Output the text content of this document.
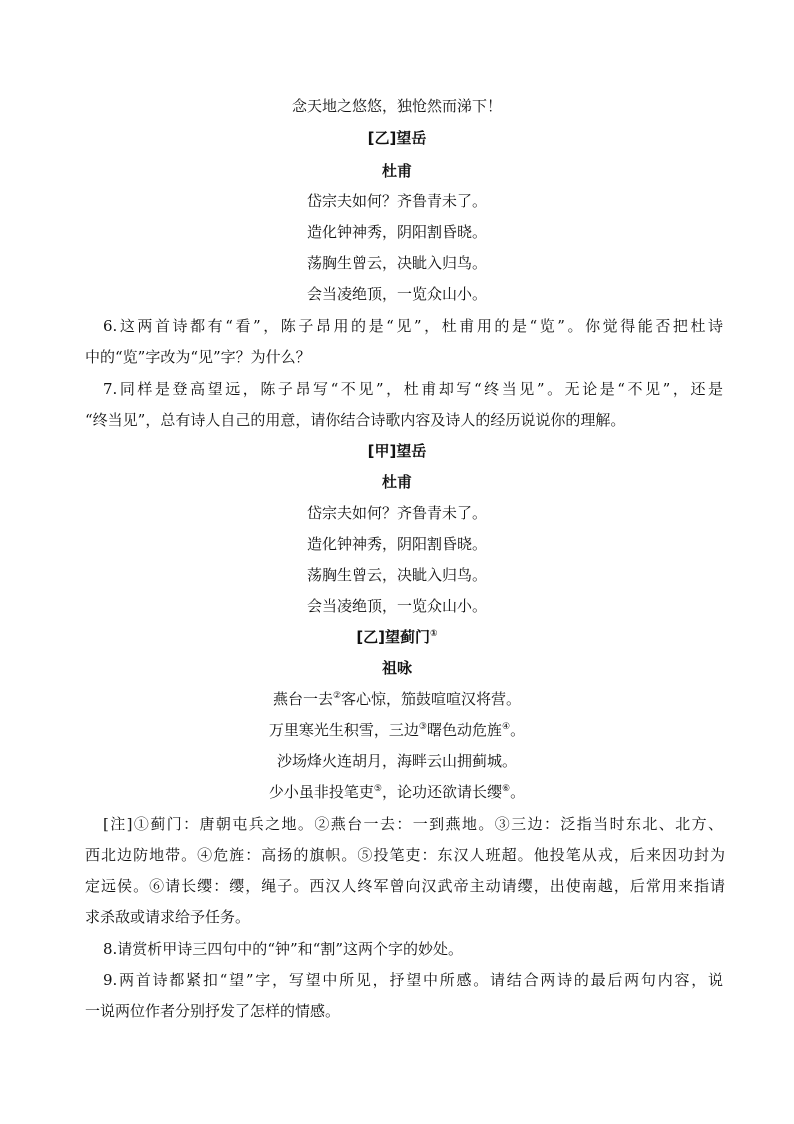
念天地之悠悠，独怆然而涕下！
[乙]望岳
杜甫
岱宗夫如何？齐鲁青未了。
造化钟神秀，阴阳割昏晓。
荡胸生曾云，决眦入归鸟。
会当凌绝顶，一览众山小。
6.这两首诗都有“看”，陈子昂用的是“见”，杜甫用的是“览”。你觉得能否把杜诗
中的“览”字改为“见”字？为什么？
7.同样是登高望远，陈子昂写“不见”，杜甫却写“终当见”。无论是“不见”，还是
“终当见”，总有诗人自己的用意，请你结合诗歌内容及诗人的经历说说你的理解。
[甲]望岳
杜甫
岱宗夫如何？齐鲁青未了。
造化钟神秀，阴阳割昏晓。
荡胸生曾云，决眦入归鸟。
会当凌绝顶，一览众山小。
[乙]望蓟门①
祖咏
燕台一去②客心惊，笳鼓喧喧汉将营。
万里寒光生积雪，三边③曙色动危旌④。
沙场烽火连胡月，海畔云山拥蓟城。
少小虽非投笔吏⑤，论功还欲请长缨⑥。
[注]①蓟门：唐朝屯兵之地。②燕台一去：一到燕地。③三边：泛指当时东北、北方、
西北边防地带。④危旌：高扬的旗帜。⑤投笔吏：东汉人班超。他投笔从戎，后来因功封为
定远侯。⑥请长缨：缨，绳子。西汉人终军曾向汉武帝主动请缨，出使南越，后常用来指请
求杀敌或请求给予任务。
8.请赏析甲诗三四句中的“钟”和“割”这两个字的妙处。
9.两首诗都紧扣“望”字，写望中所见，抒望中所感。请结合两诗的最后两句内容，说
一说两位作者分别抒发了怎样的情感。
